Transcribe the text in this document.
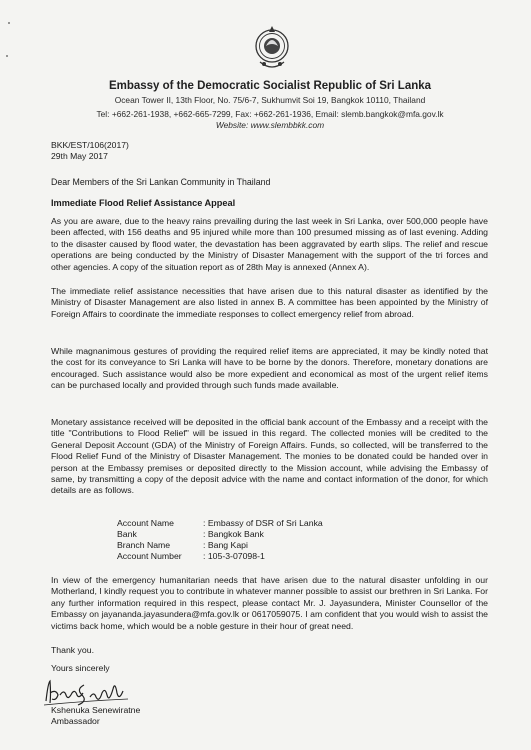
Embassy of the Democratic Socialist Republic of Sri Lanka
Ocean Tower II, 13th Floor, No. 75/6-7, Sukhumvit Soi 19, Bangkok 10110, Thailand
Tel: +662-261-1938, +662-665-7299, Fax: +662-261-1936, Email: slemb.bangkok@mfa.gov.lk
Website: www.slembbkk.com
BKK/EST/106(2017)
29th May 2017
Dear Members of the Sri Lankan Community in Thailand
Immediate Flood Relief Assistance Appeal
As you are aware, due to the heavy rains prevailing during the last week in Sri Lanka, over 500,000 people have been affected, with 156 deaths and 95 injured while more than 100 presumed missing as of last evening. Adding to the disaster caused by flood water, the devastation has been aggravated by earth slips. The relief and rescue operations are being conducted by the Ministry of Disaster Management with the support of the tri forces and other agencies. A copy of the situation report as of 28th May is annexed (Annex A).
The immediate relief assistance necessities that have arisen due to this natural disaster as identified by the Ministry of Disaster Management are also listed in annex B. A committee has been appointed by the Ministry of Foreign Affairs to coordinate the immediate responses to collect emergency relief from abroad.
While magnanimous gestures of providing the required relief items are appreciated, it may be kindly noted that the cost for its conveyance to Sri Lanka will have to be borne by the donors. Therefore, monetary donations are encouraged. Such assistance would also be more expedient and economical as most of the urgent relief items can be purchased locally and provided through such funds made available.
Monetary assistance received will be deposited in the official bank account of the Embassy and a receipt with the title "Contributions to Flood Relief" will be issued in this regard. The collected monies will be credited to the General Deposit Account (GDA) of the Ministry of Foreign Affairs. Funds, so collected, will be transferred to the Flood Relief Fund of the Ministry of Disaster Management. The monies to be donated could be handed over in person at the Embassy premises or deposited directly to the Mission account, while advising the Embassy of same, by transmitting a copy of the deposit advice with the name and contact information of the donor, for which details are as follows.
Account Name	: Embassy of DSR of Sri Lanka
Bank	: Bangkok Bank
Branch Name	: Bang Kapi
Account Number	: 105-3-07098-1
In view of the emergency humanitarian needs that have arisen due to the natural disaster unfolding in our Motherland, I kindly request you to contribute in whatever manner possible to assist our brethren in Sri Lanka. For any further information required in this respect, please contact Mr. J. Jayasundera, Minister Counsellor of the Embassy on jayananda.jayasundera@mfa.gov.lk or 0617059075. I am confident that you would wish to assist the victims back home, which would be a noble gesture in their hour of great need.
Thank you.
Yours sincerely
Kshenuka Senewiratne
Ambassador
